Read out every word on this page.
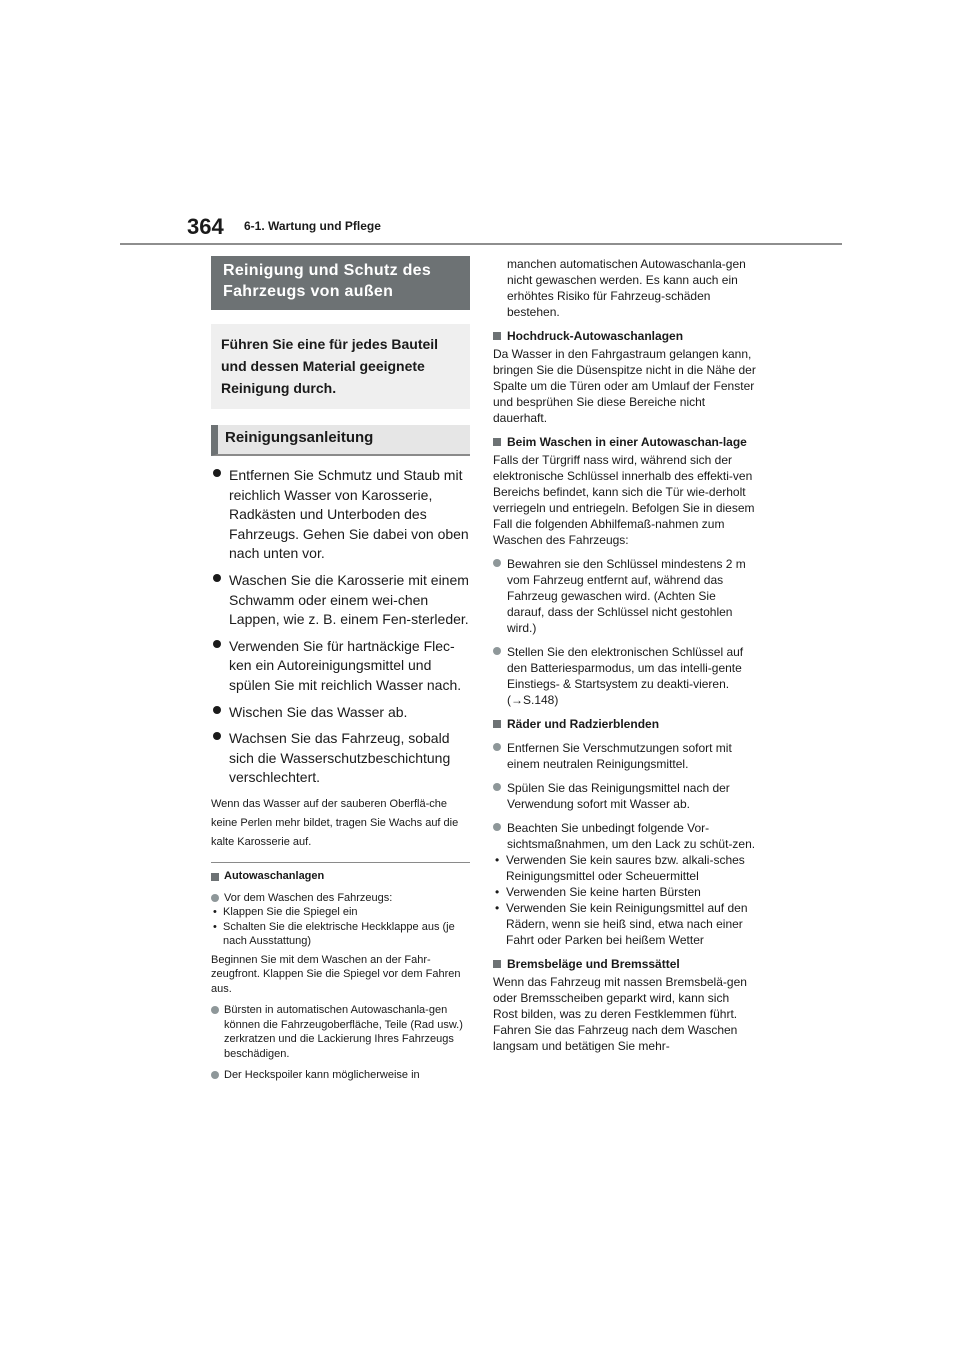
364 6-1. Wartung und Pflege
Reinigung und Schutz des Fahrzeugs von außen
Führen Sie eine für jedes Bauteil und dessen Material geeignete Reinigung durch.
Reinigungsanleitung
Entfernen Sie Schmutz und Staub mit reichlich Wasser von Karosserie, Radkästen und Unterboden des Fahrzeugs. Gehen Sie dabei von oben nach unten vor.
Waschen Sie die Karosserie mit einem Schwamm oder einem wei-chen Lappen, wie z. B. einem Fen-sterleder.
Verwenden Sie für hartnäckige Flec-ken ein Autoreinigungsmittel und spülen Sie mit reichlich Wasser nach.
Wischen Sie das Wasser ab.
Wachsen Sie das Fahrzeug, sobald sich die Wasserschutzbeschichtung verschlechtert.
Wenn das Wasser auf der sauberen Oberflä-che keine Perlen mehr bildet, tragen Sie Wachs auf die kalte Karosserie auf.
Autowaschanlagen
Vor dem Waschen des Fahrzeugs:
• Klappen Sie die Spiegel ein
• Schalten Sie die elektrische Heckklappe aus (je nach Ausstattung)
Beginnen Sie mit dem Waschen an der Fahr-zeugfront. Klappen Sie die Spiegel vor dem Fahren aus.
Bürsten in automatischen Autowaschanla-gen können die Fahrzeugoberfläche, Teile (Rad usw.) zerkratzen und die Lackierung Ihres Fahrzeugs beschädigen.
Der Heckspoiler kann möglicherweise in
manchen automatischen Autowaschanla-gen nicht gewaschen werden. Es kann auch ein erhöhtes Risiko für Fahrzeug-schäden bestehen.
Hochdruck-Autowaschanlagen
Da Wasser in den Fahrgastraum gelangen kann, bringen Sie die Düsenspitze nicht in die Nähe der Spalte um die Türen oder am Umlauf der Fenster und besprühen Sie diese Bereiche nicht dauerhaft.
Beim Waschen in einer Autowaschan-lage
Falls der Türgriff nass wird, während sich der elektronische Schlüssel innerhalb des effekti-ven Bereichs befindet, kann sich die Tür wie-derholt verriegeln und entriegeln. Befolgen Sie in diesem Fall die folgenden Abhilfemaß-nahmen zum Waschen des Fahrzeugs:
Bewahren sie den Schlüssel mindestens 2 m vom Fahrzeug entfernt auf, während das Fahrzeug gewaschen wird. (Achten Sie darauf, dass der Schlüssel nicht gestohlen wird.)
Stellen Sie den elektronischen Schlüssel auf den Batteriesparmodus, um das intelli-gente Einstiegs- & Startsystem zu deakti-vieren.(→S.148)
Räder und Radzierblenden
Entfernen Sie Verschmutzungen sofort mit einem neutralen Reinigungsmittel.
Spülen Sie das Reinigungsmittel nach der Verwendung sofort mit Wasser ab.
Beachten Sie unbedingt folgende Vor-sichtsmaßnahmen, um den Lack zu schüt-zen.
• Verwenden Sie kein saures bzw. alkali-sches Reinigungsmittel oder Scheuermittel
• Verwenden Sie keine harten Bürsten
• Verwenden Sie kein Reinigungsmittel auf den Rädern, wenn sie heiß sind, etwa nach einer Fahrt oder Parken bei heißem Wetter
Bremsbeläge und Bremssättel
Wenn das Fahrzeug mit nassen Bremsbelä-gen oder Bremsscheiben geparkt wird, kann sich Rost bilden, was zu deren Festklemmen führt. Fahren Sie das Fahrzeug nach dem Waschen langsam und betätigen Sie mehr-
